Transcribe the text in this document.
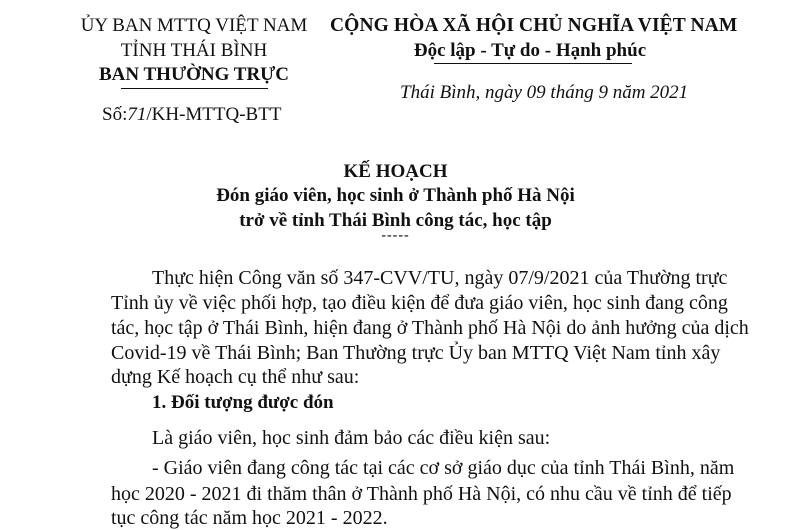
ỦY BAN MTTQ VIỆT NAM
TỈNH THÁI BÌNH
BAN THƯỜNG TRỰC
Số:71/KH-MTTQ-BTT
CỘNG HÒA XÃ HỘI CHỦ NGHĨA VIỆT NAM
Độc lập - Tự do - Hạnh phúc
Thái Bình, ngày 09 tháng 9 năm 2021
KẾ HOẠCH
Đón giáo viên, học sinh ở Thành phố Hà Nội
trở về tỉnh Thái Bình công tác, học tập
-----
Thực hiện Công văn số 347-CVV/TU, ngày 07/9/2021 của Thường trực
Tỉnh ủy về việc phối hợp, tạo điều kiện để đưa giáo viên, học sinh đang công
tác, học tập ở Thái Bình, hiện đang ở Thành phố Hà Nội do ảnh hưởng của dịch
Covid-19 về Thái Bình; Ban Thường trực Ủy ban MTTQ Việt Nam tỉnh xây
dựng Kế hoạch cụ thể như sau:
1. Đối tượng được đón
Là giáo viên, học sinh đảm bảo các điều kiện sau:
- Giáo viên đang công tác tại các cơ sở giáo dục của tỉnh Thái Bình, năm
học 2020 - 2021 đi thăm thân ở Thành phố Hà Nội, có nhu cầu về tỉnh để tiếp
tục công tác năm học 2021 - 2022.
